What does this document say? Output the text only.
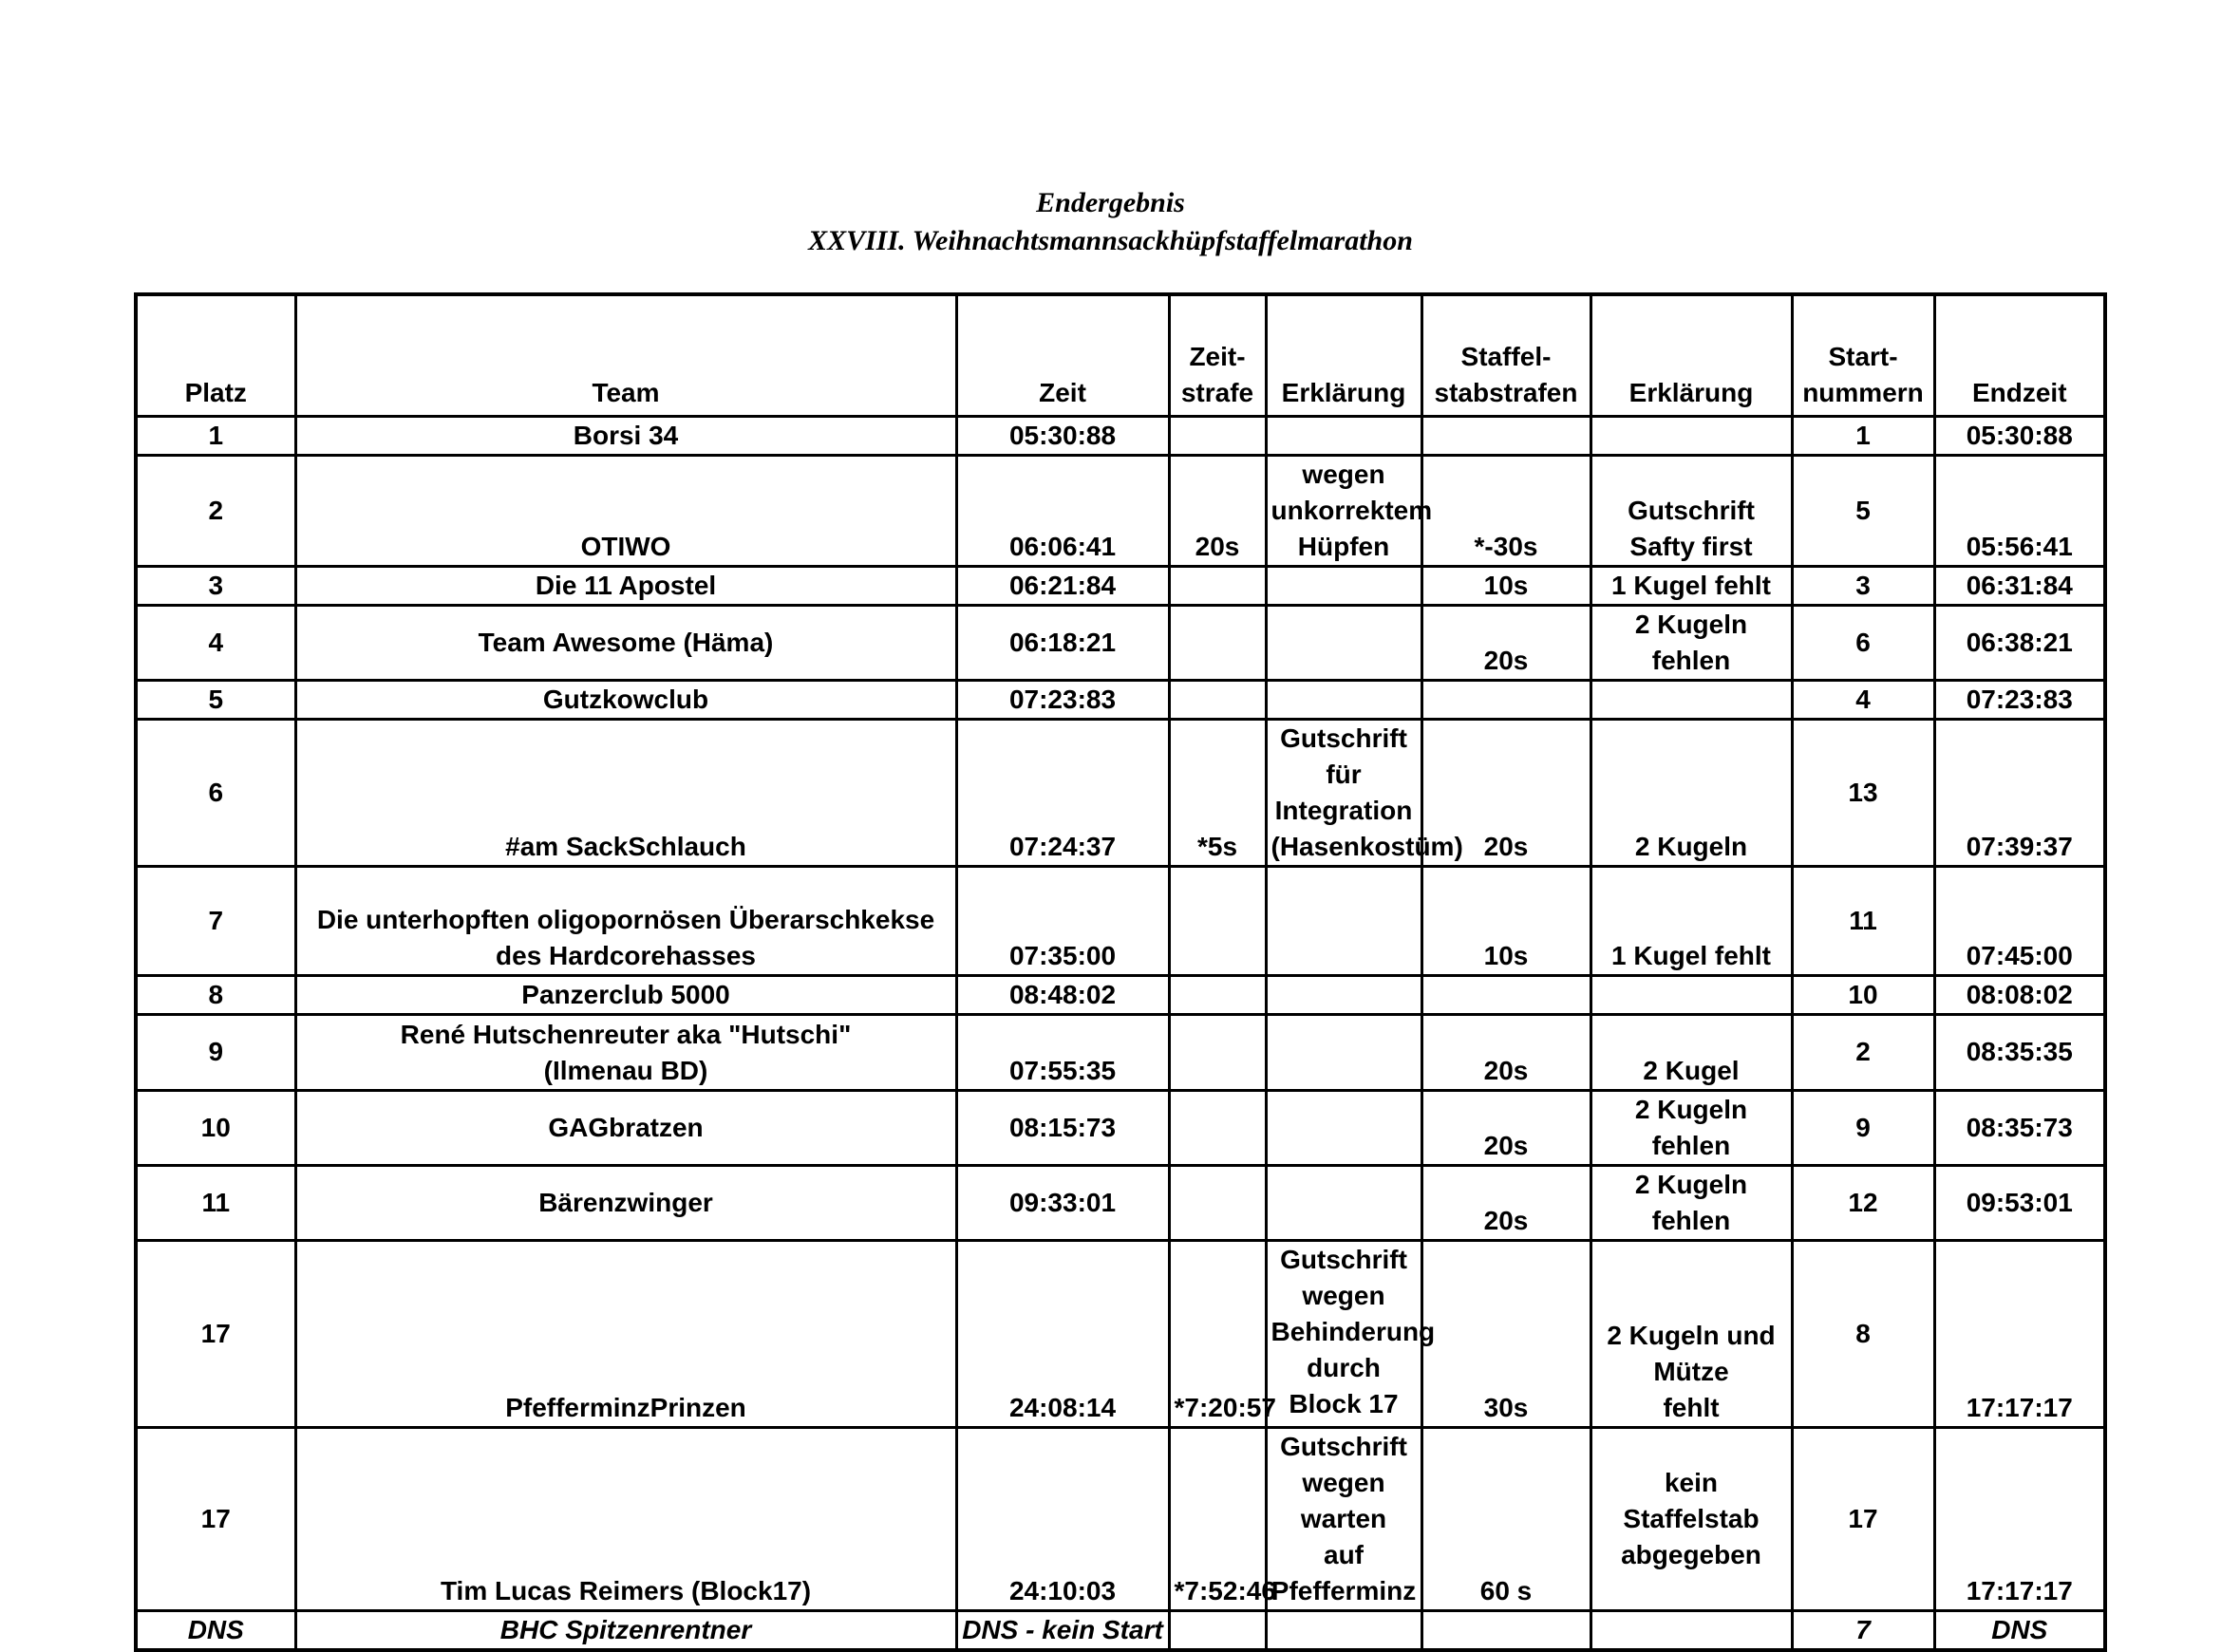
Endergebnis
XXVIII. Weihnachtsmannsackhüpfstaffelmarathon
Platz	Team	Zeit	Zeit-
strafe	Erklärung	Staffel-
stabstrafen	Erklärung	Start-
nummern	Endzeit
1	Borsi 34	05:30:88					1	05:30:88
2	OTIWO	06:06:41	20s	wegen
unkorrektem
Hüpfen	*-30s	Gutschrift Safty first	5	05:56:41
3	Die 11 Apostel	06:21:84			10s	1 Kugel fehlt	3	06:31:84
4	Team Awesome (Häma)	06:18:21			20s	2 Kugeln fehlen	6	06:38:21
5	Gutzkowclub	07:23:83					4	07:23:83
6	#am SackSchlauch	07:24:37	*5s	Gutschrift
für Integration
(Hasenkostüm)	20s	2 Kugeln	13	07:39:37
7	Die unterhopften oligopornösen Überarschkekse
des Hardcorehasses	07:35:00			10s	1 Kugel fehlt	11	07:45:00
8	Panzerclub 5000	08:48:02					10	08:08:02
9	René Hutschenreuter aka "Hutschi"
(Ilmenau BD)	07:55:35			20s	2 Kugel	2	08:35:35
10	GAGbratzen	08:15:73			20s	2 Kugeln fehlen	9	08:35:73
11	Bärenzwinger	09:33:01			20s	2 Kugeln fehlen	12	09:53:01
17	PfefferminzPrinzen	24:08:14	*7:20:57	Gutschrift
wegen
Behinderung
durch Block 17	30s	2 Kugeln und Mütze
fehlt	8	17:17:17
17	Tim Lucas Reimers (Block17)	24:10:03	*7:52:46	Gutschrift
wegen warten
auf Pfefferminz	60 s	kein Staffelstab
abgegeben	17	17:17:17
DNS	BHC Spitzenrentner	DNS - kein Start					7	DNS
